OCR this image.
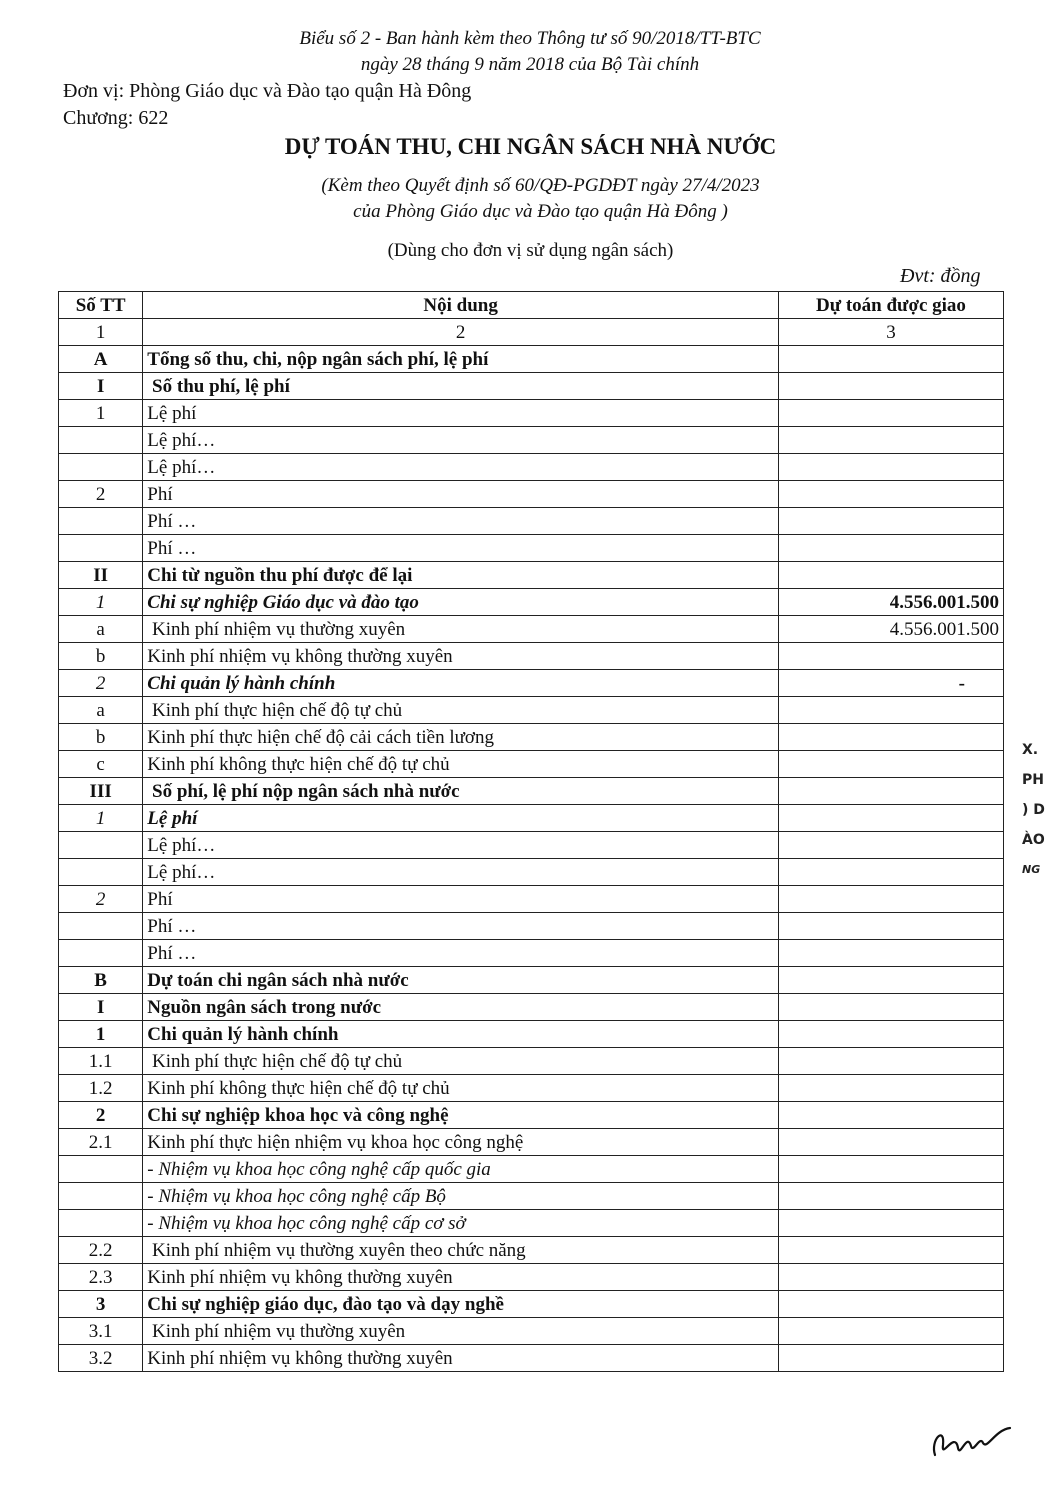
Biểu số 2 - Ban hành kèm theo Thông tư số 90/2018/TT-BTC
ngày 28 tháng 9 năm 2018 của Bộ Tài chính
Đơn vị: Phòng Giáo dục và Đào tạo quận Hà Đông
Chương: 622
DỰ TOÁN THU, CHI NGÂN SÁCH NHÀ NƯỚC
(Kèm theo Quyết định số 60/QĐ-PGDĐT ngày 27/4/2023
của Phòng Giáo dục và Đào tạo quận Hà Đông )
(Dùng cho đơn vị sử dụng ngân sách)
Đvt: đồng
Số TT	Nội dung	Dự toán được giao
1	2	3
A	Tổng số thu, chi, nộp ngân sách phí, lệ phí	
I	Số thu phí, lệ phí	
1	Lệ phí	
	Lệ phí…	
	Lệ phí…	
2	Phí	
	Phí …	
	Phí …	
II	Chi từ nguồn thu phí được để lại	
1	Chi sự nghiệp Giáo dục và đào tạo	4.556.001.500
a	Kinh phí nhiệm vụ thường xuyên	4.556.001.500
b	Kinh phí nhiệm vụ không thường xuyên	
2	Chi quản lý hành chính	-
a	Kinh phí thực hiện chế độ tự chủ	
b	Kinh phí thực hiện chế độ cải cách tiền lương	
c	Kinh phí không thực hiện chế độ tự chủ	
III	Số phí, lệ phí nộp ngân sách nhà nước	
1	Lệ phí	
	Lệ phí…	
	Lệ phí…	
2	Phí	
	Phí …	
	Phí …	
B	Dự toán chi ngân sách nhà nước	
I	Nguồn ngân sách trong nước	
1	Chi quản lý hành chính	
1.1	Kinh phí thực hiện chế độ tự chủ	
1.2	Kinh phí không thực hiện chế độ tự chủ	
2	Chi sự nghiệp khoa học và công nghệ	
2.1	Kinh phí thực hiện nhiệm vụ khoa học công nghệ	
	- Nhiệm vụ khoa học công nghệ cấp quốc gia	
	- Nhiệm vụ khoa học công nghệ cấp Bộ	
	- Nhiệm vụ khoa học công nghệ cấp cơ sở	
2.2	Kinh phí nhiệm vụ thường xuyên theo chức năng	
2.3	Kinh phí nhiệm vụ không thường xuyên	
3	Chi sự nghiệp giáo dục, đào tạo và dạy nghề	
3.1	Kinh phí nhiệm vụ thường xuyên	
3.2	Kinh phí nhiệm vụ không thường xuyên	
X.
PH
) D
ÀO
NG
